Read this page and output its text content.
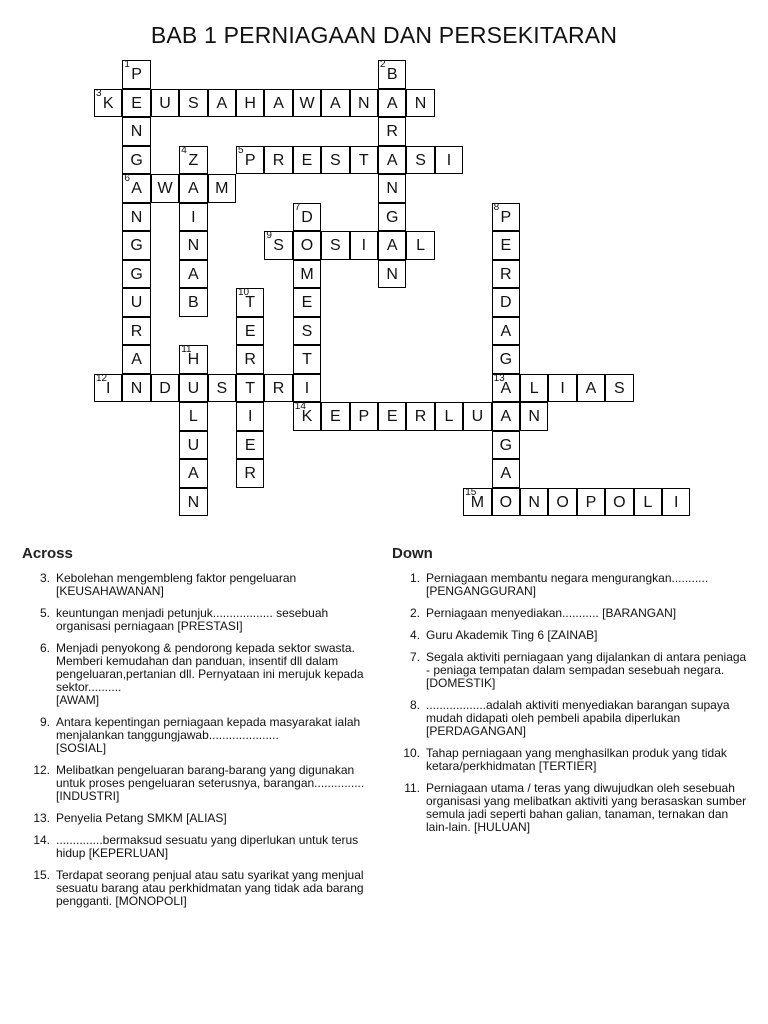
BAB 1 PERNIAGAAN DAN PERSEKITARAN
1
P
2
B
3
K	E	U	S	A	H	A W A	N	A	N
N	R
G
4
Z
5
P	R	E	S	T	A	S	I
6
A W A	M	N
N	I
7
D	G
8
P
G	N
9
S	O	S	I	A	L	E
G	A	M	N	R
U	B
10
T	E	D
R	E	S	A
A
11
H	R	T	G
12
I	N	D	U	S	T	R	I
13
A	L	I	A	S
L	I
14
K	E	P	E	R	L	U	A	N
U	E	G
A	R	A
N
15
M O	N	O	P	O	L	I
Across
3. Kebolehan mengembleng faktor pengeluaran
[KEUSAHAWANAN]
5. keuntungan menjadi petunjuk.................. sesebuah organisasi perniagaan [PRESTASI]
6. Menjadi penyokong & pendorong kepada sektor swasta. Memberi kemudahan dan panduan, insentif dll dalam pengeluaran,pertanian dll. Pernyataan ini merujuk kepada sektor..........
[AWAM]
9. Antara kepentingan perniagaan kepada masyarakat ialah menjalankan tanggungjawab.....................
[SOSIAL]
12. Melibatkan pengeluaran barang-barang yang digunakan untuk proses pengeluaran seterusnya, barangan............... [INDUSTRI]
13. Penyelia Petang SMKM [ALIAS]
14. ..............bermaksud sesuatu yang diperlukan untuk terus hidup [KEPERLUAN]
15. Terdapat seorang penjual atau satu syarikat yang menjual sesuatu barang atau perkhidmatan yang tidak ada barang pengganti. [MONOPOLI]
Down
1. Perniagaan membantu negara mengurangkan...........
[PENGANGGURAN]
2. Perniagaan menyediakan........... [BARANGAN]
4. Guru Akademik Ting 6 [ZAINAB]
7. Segala aktiviti perniagaan yang dijalankan di antara peniaga - peniaga tempatan dalam sempadan sesebuah negara. [DOMESTIK]
8. ..................adalah aktiviti menyediakan barangan supaya mudah didapati oleh pembeli apabila diperlukan [PERDAGANGAN]
10. Tahap perniagaan yang menghasilkan produk yang tidak ketara/perkhidmatan [TERTIER]
11. Perniagaan utama / teras yang diwujudkan oleh sesebuah organisasi yang melibatkan aktiviti yang berasaskan sumber semula jadi seperti bahan galian, tanaman, ternakan dan lain-lain. [HULUAN]
